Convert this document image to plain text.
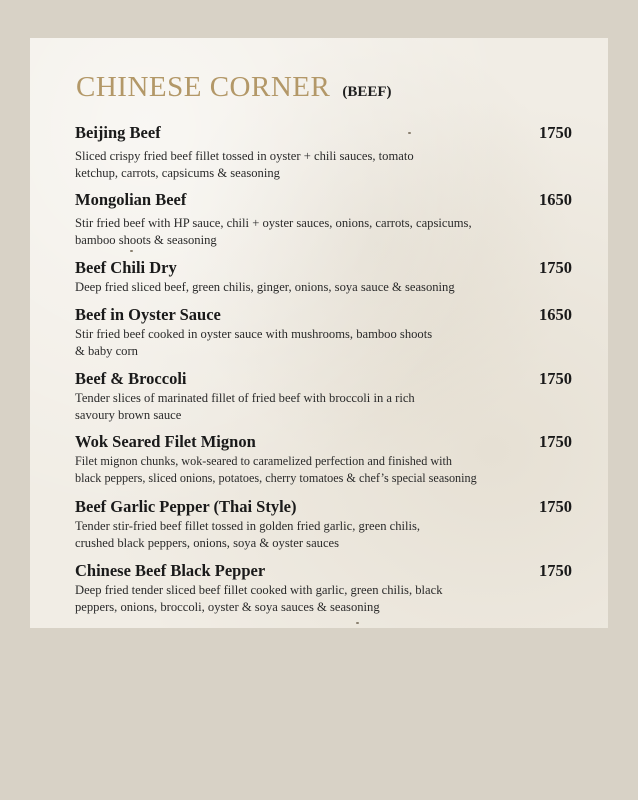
CHINESE CORNER (BEEF)
Beijing Beef	1750
Sliced crispy fried beef fillet tossed in oyster + chili sauces, tomato
ketchup, carrots, capsicums & seasoning
Mongolian Beef	1650
Stir fried beef with HP sauce, chili + oyster sauces, onions, carrots, capsicums,
bamboo shoots & seasoning
Beef Chili Dry	1750
Deep fried sliced beef, green chilis, ginger, onions, soya sauce & seasoning
Beef in Oyster Sauce	1650
Stir fried beef cooked in oyster sauce with mushrooms, bamboo shoots
& baby corn
Beef & Broccoli	1750
Tender slices of marinated fillet of fried beef with broccoli in a rich
savoury brown sauce
Wok Seared Filet Mignon	1750
Filet mignon chunks, wok-seared to caramelized perfection and finished with
black peppers, sliced onions, potatoes, cherry tomatoes & chef’s special seasoning
Beef Garlic Pepper (Thai Style)	1750
Tender stir-fried beef fillet tossed in golden fried garlic, green chilis,
crushed black peppers, onions, soya & oyster sauces
Chinese Beef Black Pepper	1750
Deep fried tender sliced beef fillet cooked with garlic, green chilis, black
peppers, onions, broccoli, oyster & soya sauces & seasoning
